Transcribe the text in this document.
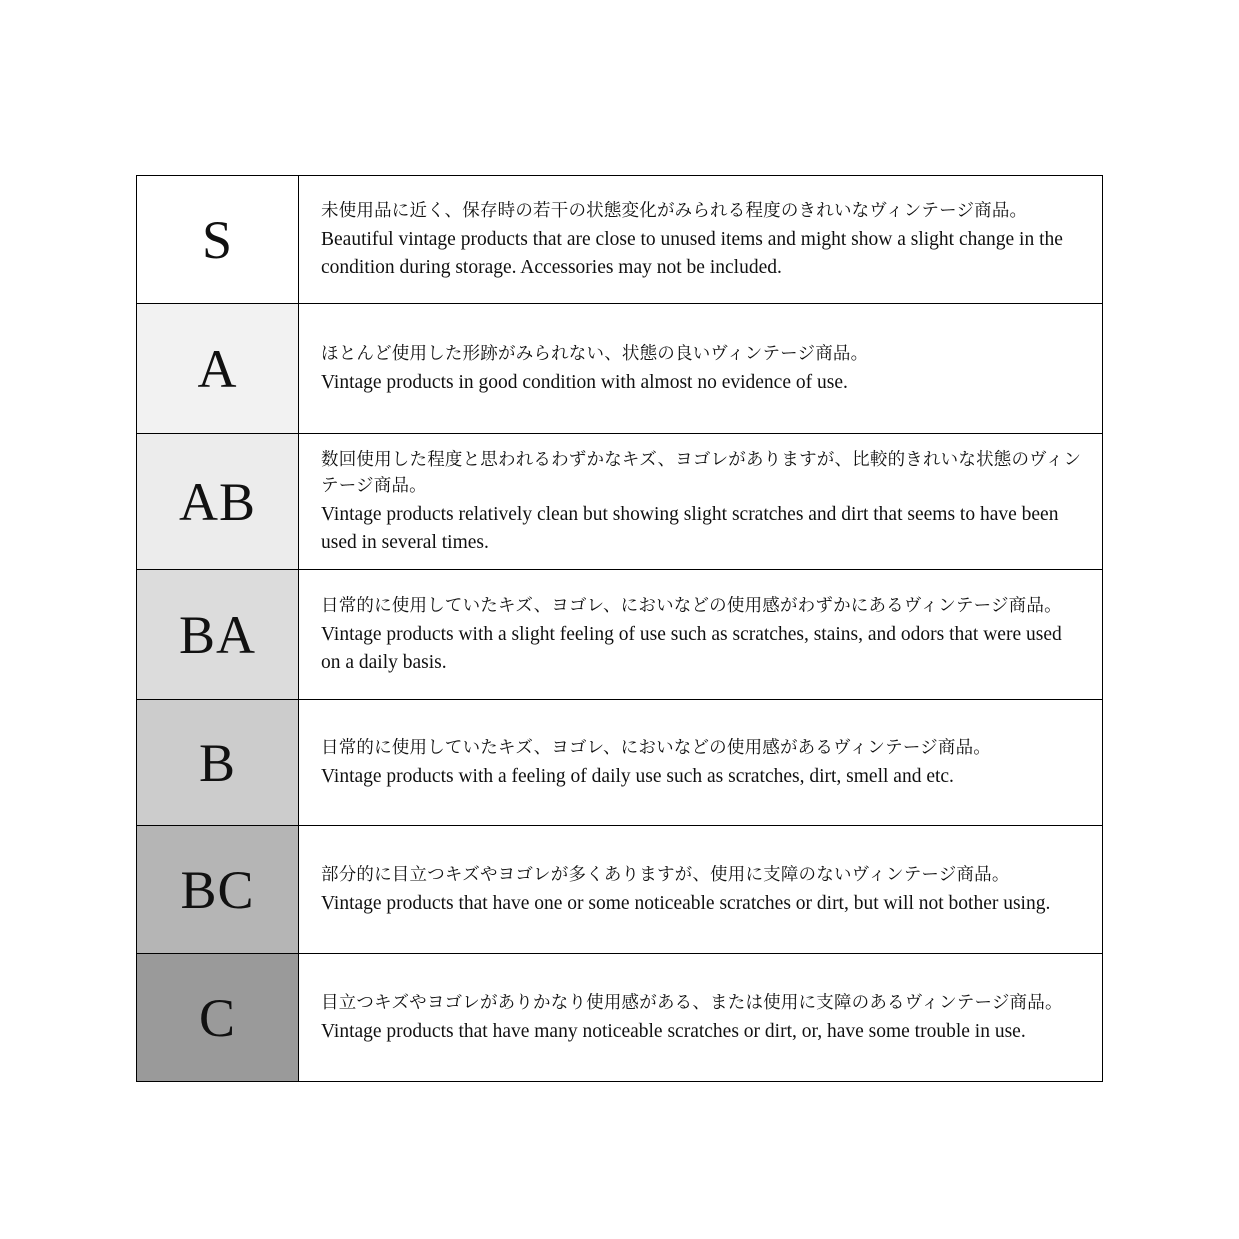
S	未使用品に近く、保存時の若干の状態変化がみられる程度のきれいなヴィンテージ商品。

Beautiful vintage products that are close to unused items and might show a slight change in the condition during storage. Accessories may not be included.

A	ほとんど使用した形跡がみられない、状態の良いヴィンテージ商品。

Vintage products in good condition with almost no evidence of use.

AB	数回使用した程度と思われるわずかなキズ、ヨゴレがありますが、比較的きれいな状態のヴィンテージ商品。

Vintage products relatively clean but showing slight scratches and dirt that seems to have been used in several times.

BA	日常的に使用していたキズ、ヨゴレ、においなどの使用感がわずかにあるヴィンテージ商品。

Vintage products with a slight feeling of use such as scratches, stains, and odors that were used on a daily basis.

B	日常的に使用していたキズ、ヨゴレ、においなどの使用感があるヴィンテージ商品。

Vintage products with a feeling of daily use such as scratches, dirt, smell and etc.

BC	部分的に目立つキズやヨゴレが多くありますが、使用に支障のないヴィンテージ商品。

Vintage products that have one or some noticeable scratches or dirt, but will not bother using.

C	目立つキズやヨゴレがありかなり使用感がある、または使用に支障のあるヴィンテージ商品。

Vintage products that have many noticeable scratches or dirt, or, have some trouble in use.
